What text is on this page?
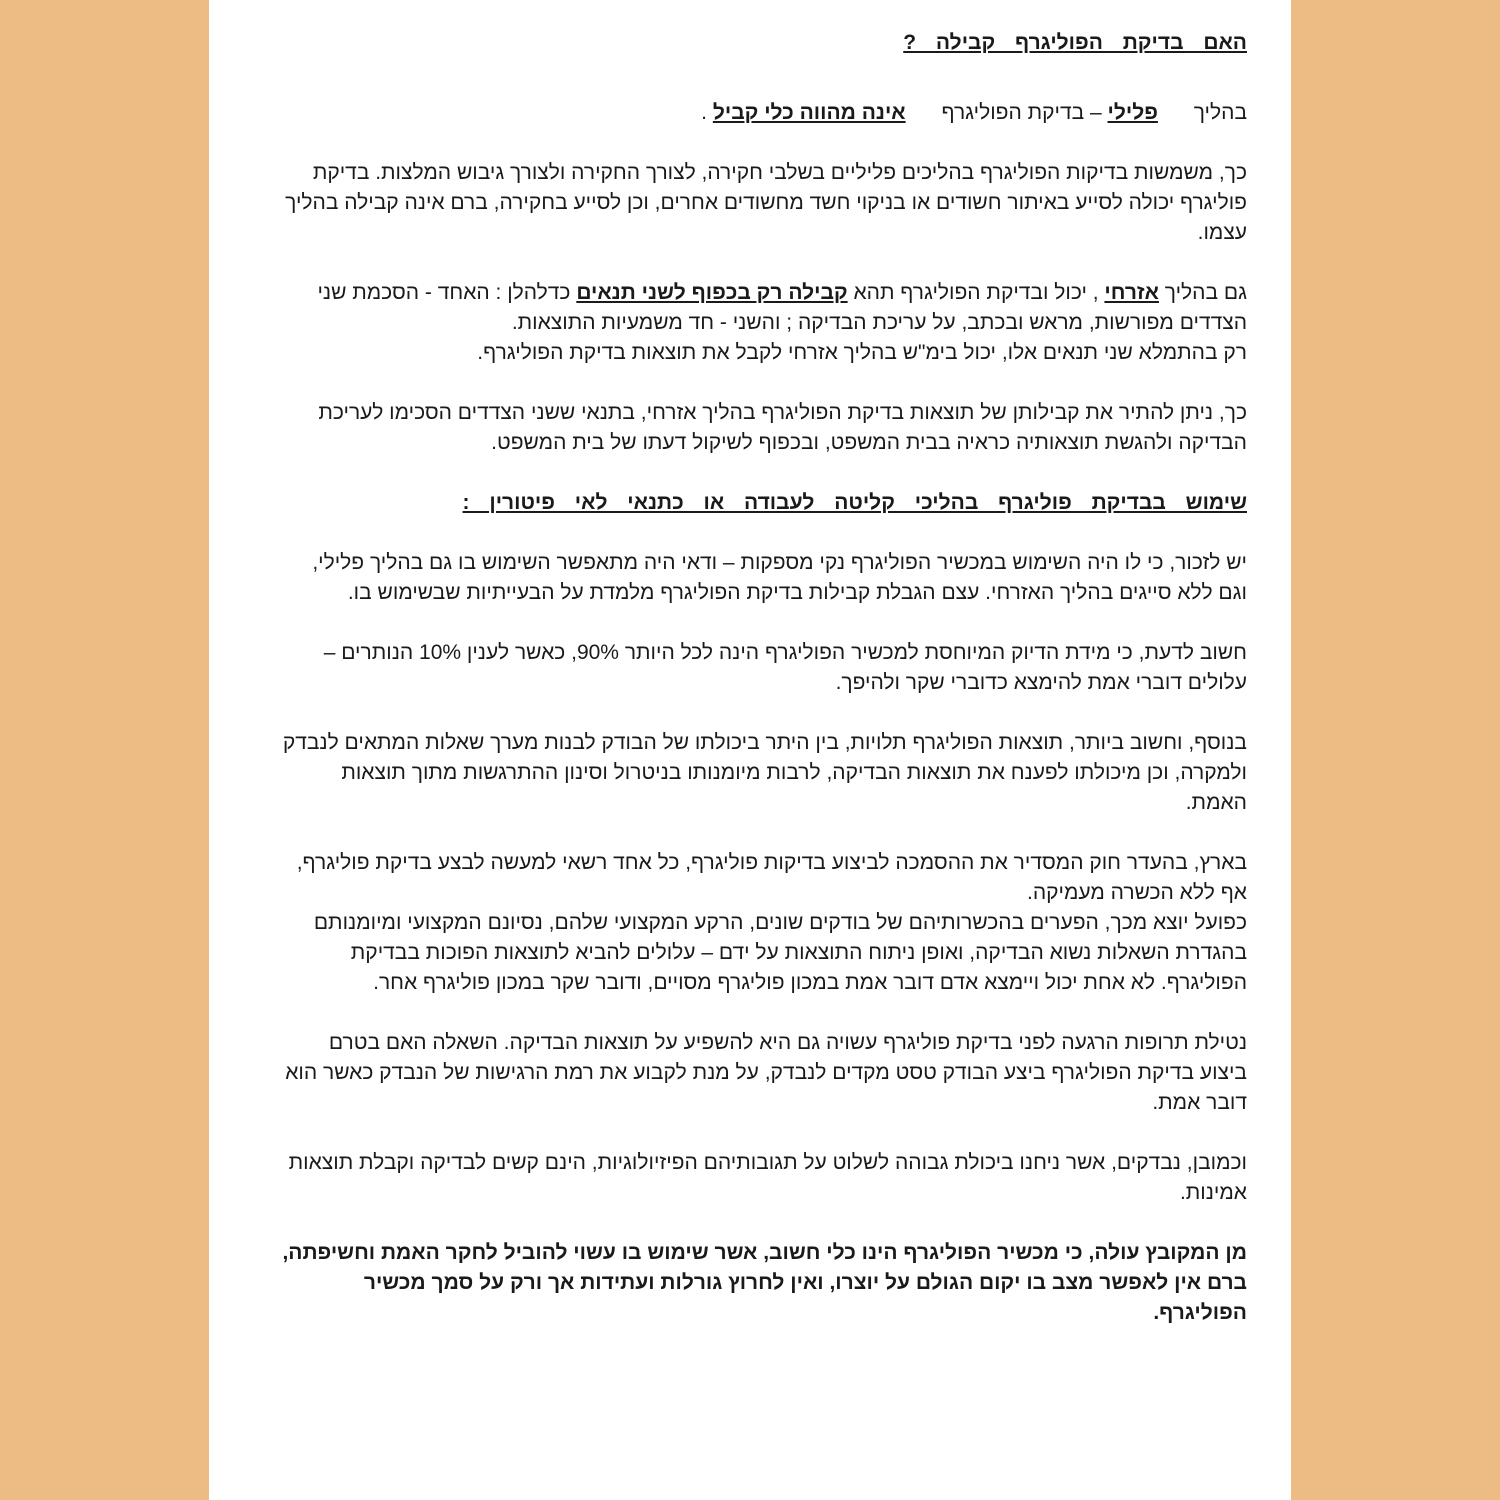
האם בדיקת הפוליגרף קבילה ?

בהליך פלילי – בדיקת הפוליגרף אינה מהווה כלי קביל .

כך, משמשות בדיקות הפוליגרף בהליכים פליליים בשלבי חקירה, לצורך החקירה ולצורך גיבוש המלצות. בדיקת פוליגרף יכולה לסייע באיתור חשודים או בניקוי חשד מחשודים אחרים, וכן לסייע בחקירה, ברם אינה קבילה בהליך עצמו.

גם בהליך אזרחי , יכול ובדיקת הפוליגרף תהא קבילה רק בכפוף לשני תנאים כדלהלן : האחד - הסכמת שני הצדדים מפורשות, מראש ובכתב, על עריכת הבדיקה ; והשני - חד משמעיות התוצאות.

רק בהתמלא שני תנאים אלו, יכול בימ"ש בהליך אזרחי לקבל את תוצאות בדיקת הפוליגרף.

כך, ניתן להתיר את קבילותן של תוצאות בדיקת הפוליגרף בהליך אזרחי, בתנאי ששני הצדדים הסכימו לעריכת הבדיקה ולהגשת תוצאותיה כראיה בבית המשפט, ובכפוף לשיקול דעתו של בית המשפט.

שימוש בבדיקת פוליגרף בהליכי קליטה לעבודה או כתנאי לאי פיטורין :

יש לזכור, כי לו היה השימוש במכשיר הפוליגרף נקי מספקות – ודאי היה מתאפשר השימוש בו גם בהליך פלילי, וגם ללא סייגים בהליך האזרחי. עצם הגבלת קבילות בדיקת הפוליגרף מלמדת על הבעייתיות שבשימוש בו.

חשוב לדעת, כי מידת הדיוק המיוחסת למכשיר הפוליגרף הינה לכל היותר 90%, כאשר לענין 10% הנותרים – עלולים דוברי אמת להימצא כדוברי שקר ולהיפך.

בנוסף, וחשוב ביותר, תוצאות הפוליגרף תלויות, בין היתר ביכולתו של הבודק לבנות מערך שאלות המתאים לנבדק ולמקרה, וכן מיכולתו לפענח את תוצאות הבדיקה, לרבות מיומנותו בניטרול וסינון ההתרגשות מתוך תוצאות האמת.

בארץ, בהעדר חוק המסדיר את ההסמכה לביצוע בדיקות פוליגרף, כל אחד רשאי למעשה לבצע בדיקת פוליגרף, אף ללא הכשרה מעמיקה.

כפועל יוצא מכך, הפערים בהכשרותיהם של בודקים שונים, הרקע המקצועי שלהם, נסיונם המקצועי ומיומנותם בהגדרת השאלות נשוא הבדיקה, ואופן ניתוח התוצאות על ידם – עלולים להביא לתוצאות הפוכות בבדיקת הפוליגרף. לא אחת יכול ויימצא אדם דובר אמת במכון פוליגרף מסויים, ודובר שקר במכון פוליגרף אחר.

נטילת תרופות הרגעה לפני בדיקת פוליגרף עשויה גם היא להשפיע על תוצאות הבדיקה. השאלה האם בטרם ביצוע בדיקת הפוליגרף ביצע הבודק טסט מקדים לנבדק, על מנת לקבוע את רמת הרגישות של הנבדק כאשר הוא דובר אמת.

וכמובן, נבדקים, אשר ניחנו ביכולת גבוהה לשלוט על תגובותיהם הפיזיולוגיות, הינם קשים לבדיקה וקבלת תוצאות אמינות.

מן המקובץ עולה, כי מכשיר הפוליגרף הינו כלי חשוב, אשר שימוש בו עשוי להוביל לחקר האמת וחשיפתה, ברם אין לאפשר מצב בו יקום הגולם על יוצרו, ואין לחרוץ גורלות ועתידות אך ורק על סמך מכשיר הפוליגרף.
